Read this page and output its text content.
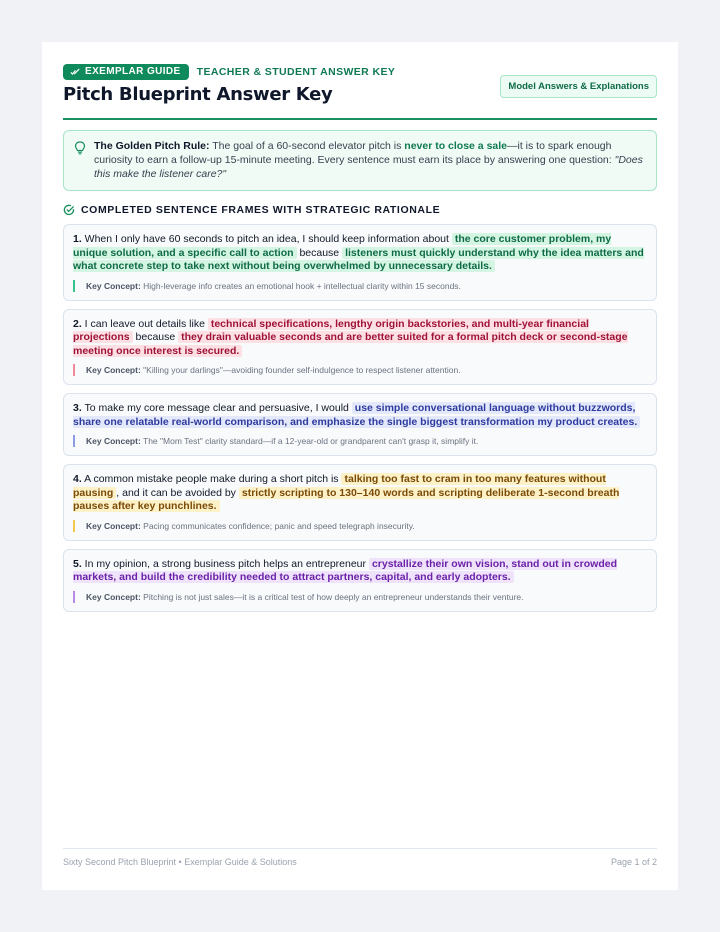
EXEMPLAR GUIDE TEACHER & STUDENT ANSWER KEY
Pitch Blueprint Answer Key	Model Answers & Explanations
The Golden Pitch Rule: The goal of a 60-second elevator pitch is never to close a sale—it is to spark enough curiosity to earn a follow-up 15-minute meeting. Every sentence must earn its place by answering one question: "Does this make the listener care?"
COMPLETED SENTENCE FRAMES WITH STRATEGIC RATIONALE
1. When I only have 60 seconds to pitch an idea, I should keep information about the core customer problem, my unique solution, and a specific call to action because listeners must quickly understand why the idea matters and what concrete step to take next without being overwhelmed by unnecessary details.
Key Concept: High-leverage info creates an emotional hook + intellectual clarity within 15 seconds.
2. I can leave out details like technical specifications, lengthy origin backstories, and multi-year financial projections because they drain valuable seconds and are better suited for a formal pitch deck or second-stage meeting once interest is secured.
Key Concept: "Killing your darlings"—avoiding founder self-indulgence to respect listener attention.
3. To make my core message clear and persuasive, I would use simple conversational language without buzzwords, share one relatable real-world comparison, and emphasize the single biggest transformation my product creates.
Key Concept: The "Mom Test" clarity standard—if a 12-year-old or grandparent can't grasp it, simplify it.
4. A common mistake people make during a short pitch is talking too fast to cram in too many features without pausing , and it can be avoided by strictly scripting to 130–140 words and scripting deliberate 1-second breath pauses after key punchlines.
Key Concept: Pacing communicates confidence; panic and speed telegraph insecurity.
5. In my opinion, a strong business pitch helps an entrepreneur crystallize their own vision, stand out in crowded markets, and build the credibility needed to attract partners, capital, and early adopters.
Key Concept: Pitching is not just sales—it is a critical test of how deeply an entrepreneur understands their venture.
Sixty Second Pitch Blueprint • Exemplar Guide & Solutions	Page 1 of 2
